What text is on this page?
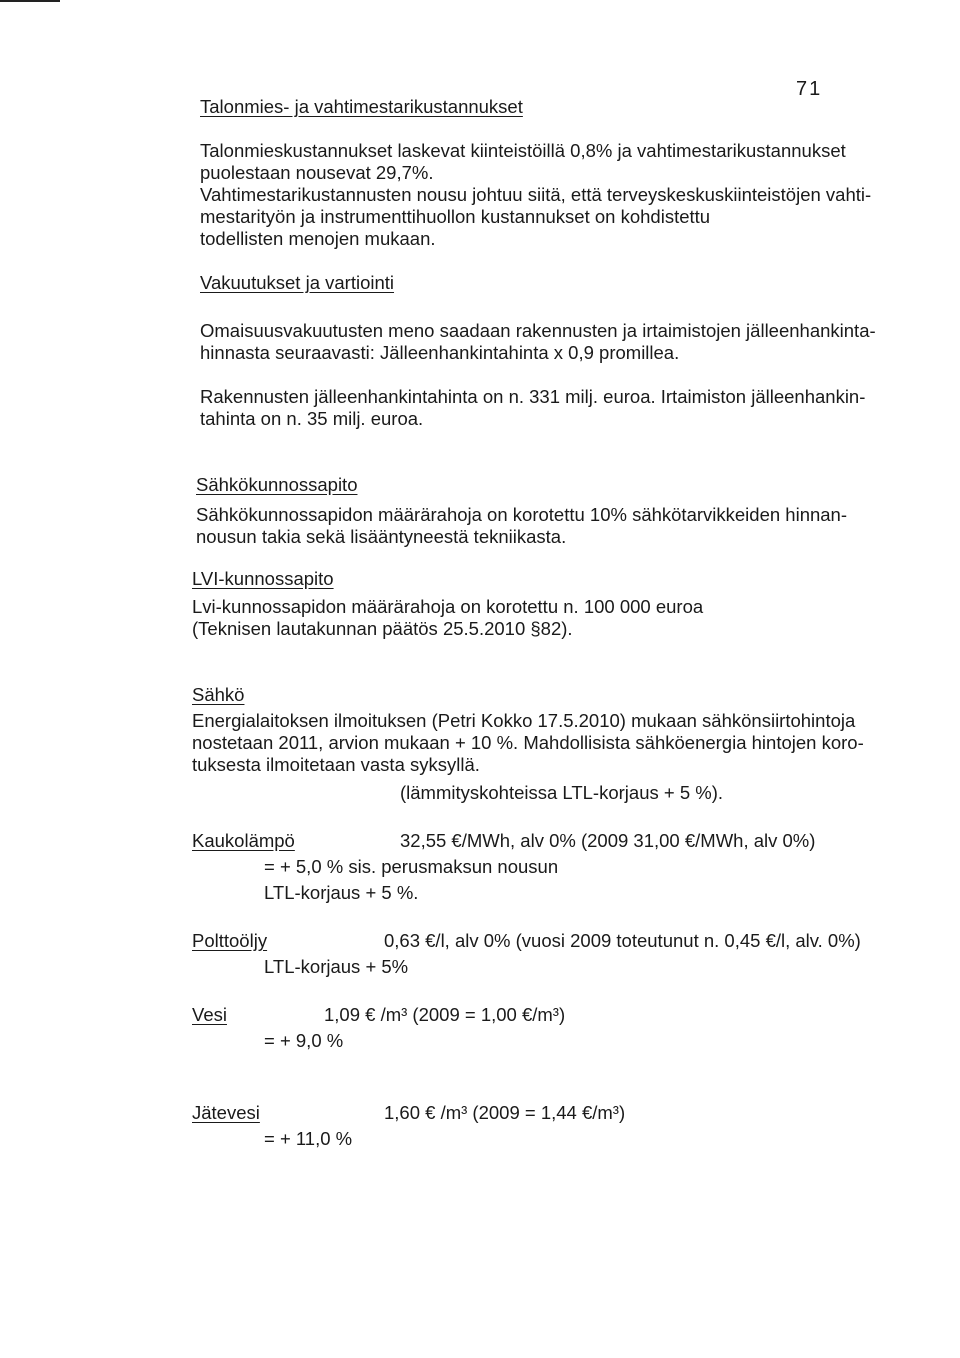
71
Talonmies- ja vahtimestarikustannukset
Talonmieskustannukset laskevat kiinteistöillä 0,8% ja vahtimestarikustannukset
puolestaan nousevat 29,7%.
Vahtimestarikustannusten nousu johtuu siitä, että terveyskeskuskiinteistöjen vahti-
mestarityön ja instrumenttihuollon kustannukset on kohdistettu
todellisten menojen mukaan.
Vakuutukset ja vartiointi
Omaisuusvakuutusten meno saadaan rakennusten ja irtaimistojen jälleenhankinta-
hinnasta seuraavasti: Jälleenhankintahinta x 0,9 promillea.
Rakennusten jälleenhankintahinta on n. 331 milj. euroa. Irtaimiston jälleenhankin-
tahinta on n. 35 milj. euroa.
Sähkökunnossapito
Sähkökunnossapidon määrärahoja on korotettu 10% sähkötarvikkeiden hinnan-
nousun takia sekä lisääntyneestä tekniikasta.
LVI-kunnossapito
Lvi-kunnossapidon määrärahoja on korotettu n. 100 000 euroa
(Teknisen lautakunnan päätös 25.5.2010 §82).
Sähkö
Energialaitoksen ilmoituksen (Petri Kokko 17.5.2010) mukaan sähkönsiirtohintoja
nostetaan 2011, arvion mukaan + 10 %. Mahdollisista sähköenergia hintojen koro-
tuksesta ilmoitetaan vasta syksyllä.
(lämmityskohteissa LTL-korjaus + 5 %).
Kaukolämpö	32,55 €/MWh, alv 0% (2009 31,00 €/MWh, alv 0%)
= + 5,0 % sis. perusmaksun nousun
LTL-korjaus + 5 %.
Polttoöljy	0,63 €/l, alv 0% (vuosi 2009 toteutunut n. 0,45 €/l, alv. 0%)
LTL-korjaus + 5%
Vesi	1,09 € /m³ (2009 = 1,00 €/m³)
= + 9,0 %
Jätevesi	1,60 € /m³ (2009 = 1,44 €/m³)
= + 11,0 %
